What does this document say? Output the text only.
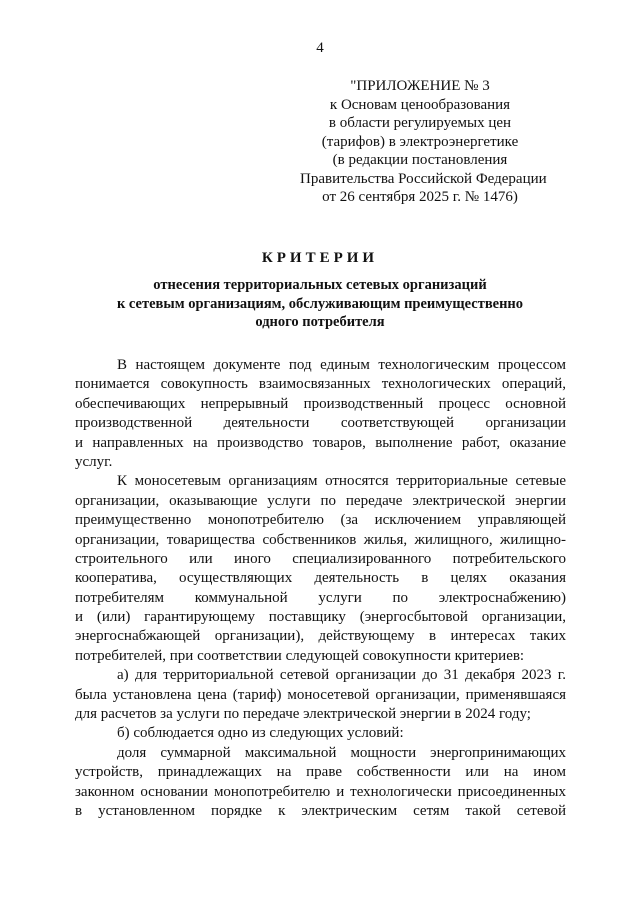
4
"ПРИЛОЖЕНИЕ № 3
к Основам ценообразования
в области регулируемых цен
(тарифов) в электроэнергетике
(в редакции постановления
Правительства Российской Федерации
от 26 сентября 2025 г. № 1476)
КРИТЕРИИ
отнесения территориальных сетевых организаций
к сетевым организациям, обслуживающим преимущественно
одного потребителя
В настоящем документе под единым технологическим процессом
понимается совокупность взаимосвязанных технологических операций,
обеспечивающих непрерывный производственный процесс основной
производственной деятельности соответствующей организации
и направленных на производство товаров, выполнение работ, оказание
услуг.
К моносетевым организациям относятся территориальные сетевые
организации, оказывающие услуги по передаче электрической энергии
преимущественно монопотребителю (за исключением управляющей
организации, товарищества собственников жилья, жилищного, жилищно-
строительного или иного специализированного потребительского
кооператива, осуществляющих деятельность в целях оказания
потребителям коммунальной услуги по электроснабжению)
и (или) гарантирующему поставщику (энергосбытовой организации,
энергоснабжающей организации), действующему в интересах таких
потребителей, при соответствии следующей совокупности критериев:
а) для территориальной сетевой организации до 31 декабря 2023 г.
была установлена цена (тариф) моносетевой организации, применявшаяся
для расчетов за услуги по передаче электрической энергии в 2024 году;
б) соблюдается одно из следующих условий:
доля суммарной максимальной мощности энергопринимающих
устройств, принадлежащих на праве собственности или на ином
законном основании монопотребителю и технологически присоединенных
в установленном порядке к электрическим сетям такой сетевой
